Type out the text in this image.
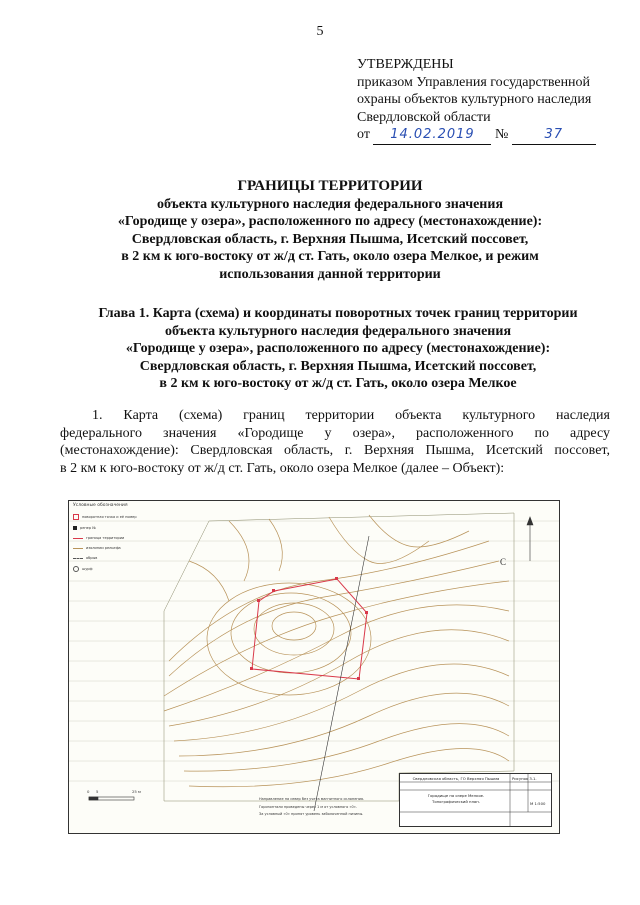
5
УТВЕРЖДЕНЫ
приказом Управления государственной
охраны объектов культурного наследия
Свердловской области
от 14.02.2019 №	37
ГРАНИЦЫ ТЕРРИТОРИИ
объекта культурного наследия федерального значения
«Городище у озера», расположенного по адресу (местонахождение):
Свердловская область, г. Верхняя Пышма, Исетский поссовет,
в 2 км к юго-востоку от ж/д ст. Гать, около озера Мелкое, и режим
использования данной территории
Глава 1. Карта (схема) и координаты поворотных точек границ территории
объекта культурного наследия федерального значения
«Городище у озера», расположенного по адресу (местонахождение):
Свердловская область, г. Верхняя Пышма, Исетский поссовет,
в 2 км к юго-востоку от ж/д ст. Гать, около озера Мелкое
1. Карта (схема) границ территории объекта культурного наследия
федерального значения «Городище у озера», расположенного по адресу
(местонахождение): Свердловская область, г. Верхняя Пышма, Исетский поссовет,
в 2 км к юго-востоку от ж/д ст. Гать, около озера Мелкое (далее – Объект):
С
Условные обозначения
поворотная точка и её номер
репер №
граница территории
изолинии рельефа
обрыв
шурф
0 5	25 м
Направление на север без учета магнитного склонения.
Горизонтали проведены через 1 м от условного «0».
За условный «0» принят уровень заболоченной низины.
Свердловская область, ГО Верхняя Пышма
Городище на озере Мелкое.
Топографический план.
Рисунок 3.1.
М 1:500
